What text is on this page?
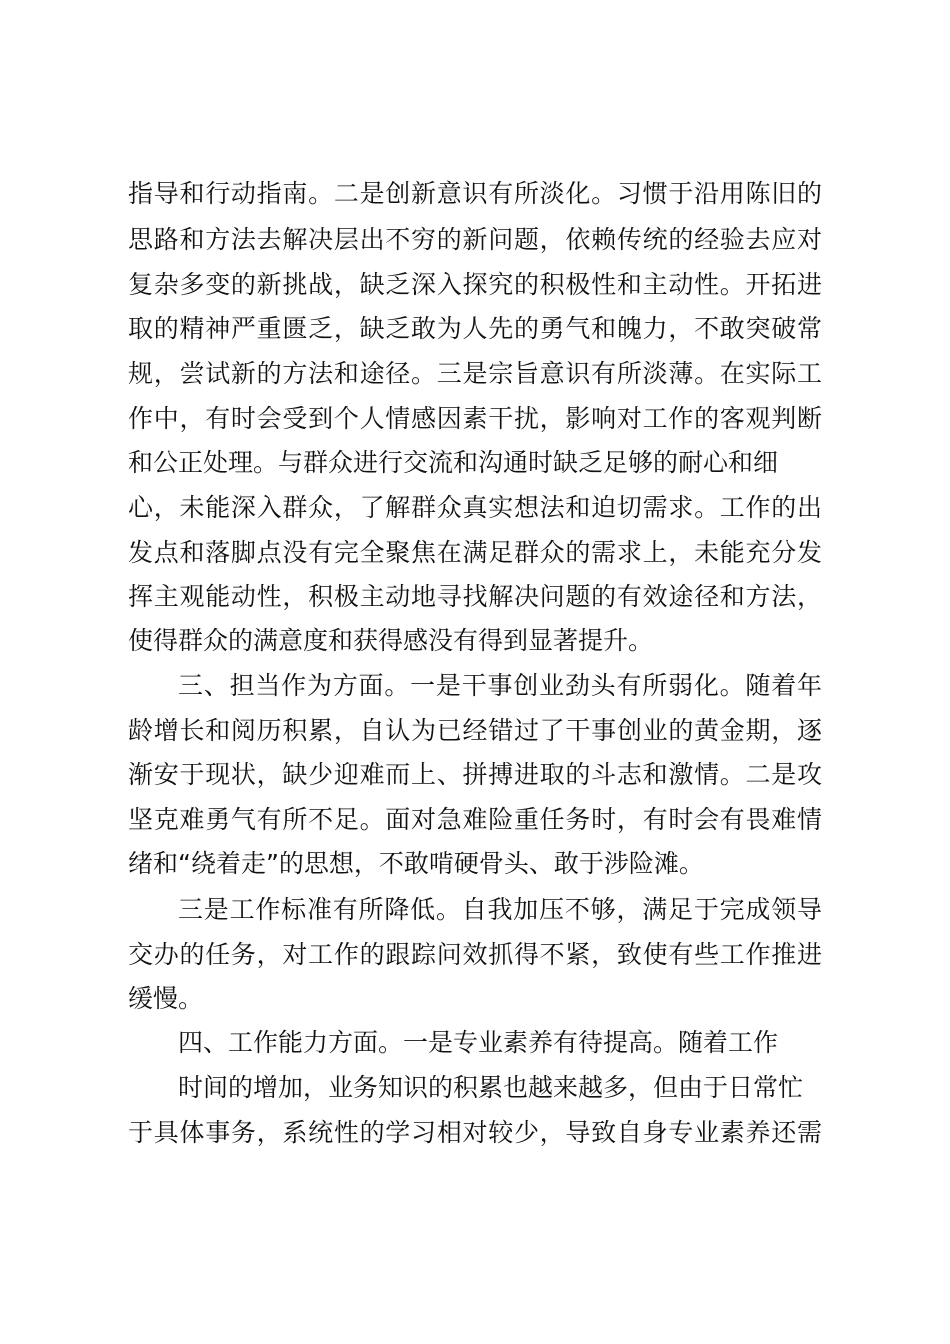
指导和行动指南。二是创新意识有所淡化。习惯于沿用陈旧的
思路和方法去解决层出不穷的新问题，依赖传统的经验去应对
复杂多变的新挑战，缺乏深入探究的积极性和主动性。开拓进
取的精神严重匮乏，缺乏敢为人先的勇气和魄力，不敢突破常
规，尝试新的方法和途径。三是宗旨意识有所淡薄。在实际工
作中，有时会受到个人情感因素干扰，影响对工作的客观判断
和公正处理。与群众进行交流和沟通时缺乏足够的耐心和细
心，未能深入群众，了解群众真实想法和迫切需求。工作的出
发点和落脚点没有完全聚焦在满足群众的需求上，未能充分发
挥主观能动性，积极主动地寻找解决问题的有效途径和方法，
使得群众的满意度和获得感没有得到显著提升。
三、担当作为方面。一是干事创业劲头有所弱化。随着年
龄增长和阅历积累，自认为已经错过了干事创业的黄金期，逐
渐安于现状，缺少迎难而上、拼搏进取的斗志和激情。二是攻
坚克难勇气有所不足。面对急难险重任务时，有时会有畏难情
绪和“绕着走”的思想，不敢啃硬骨头、敢于涉险滩。
三是工作标准有所降低。自我加压不够，满足于完成领导
交办的任务，对工作的跟踪问效抓得不紧，致使有些工作推进
缓慢。
四、工作能力方面。一是专业素养有待提高。随着工作
时间的增加，业务知识的积累也越来越多，但由于日常忙
于具体事务，系统性的学习相对较少，导致自身专业素养还需
